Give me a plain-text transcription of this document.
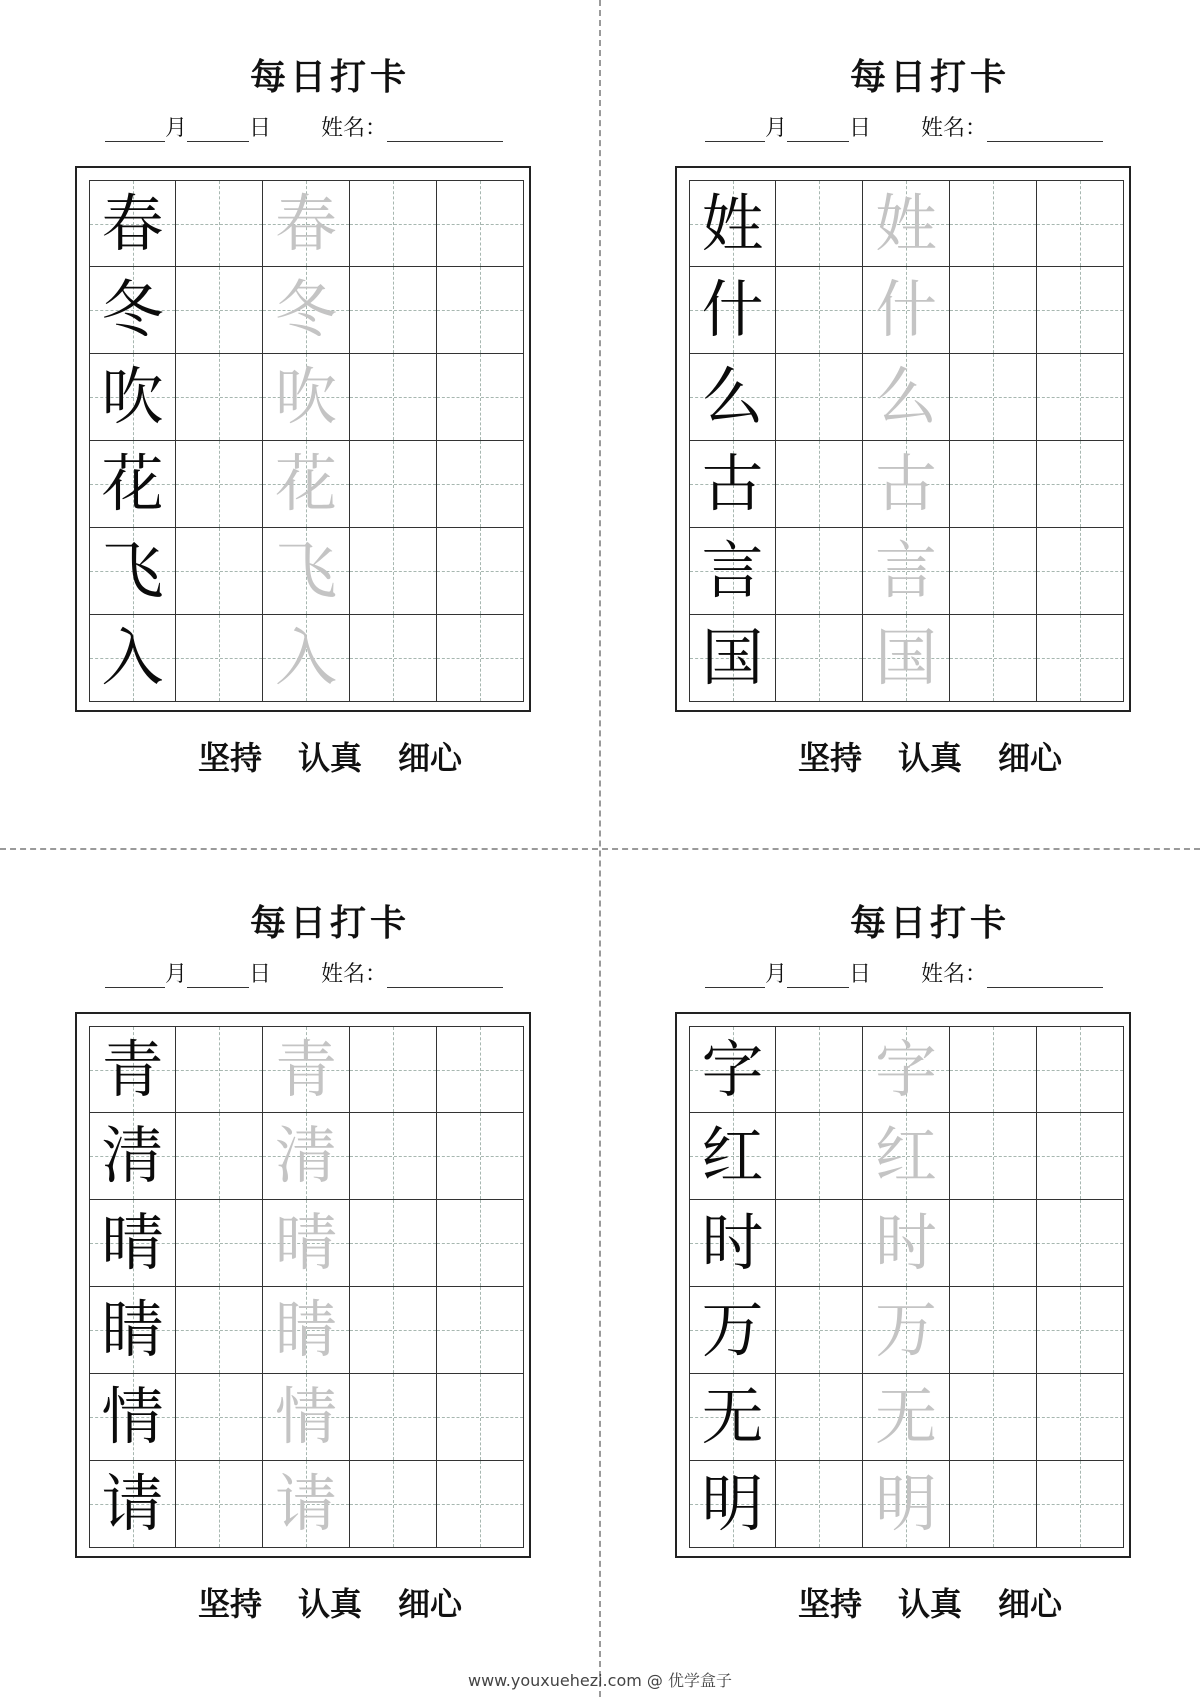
每日打卡
月	日 姓名：
春 春
冬 冬
吹 吹
花 花
飞 飞
入 入
坚持 认真 细心
每日打卡
月	日 姓名：
姓 姓
什 什
么 么
古 古
言 言
国 国
坚持 认真 细心
每日打卡
月	日 姓名：
青 青
清 清
晴 晴
睛 睛
情 情
请 请
坚持 认真 细心
每日打卡
月	日 姓名：
字 字
红 红
时 时
万 万
无 无
明 明
坚持 认真 细心
www.youxuehezi.com @ 优学盒子
